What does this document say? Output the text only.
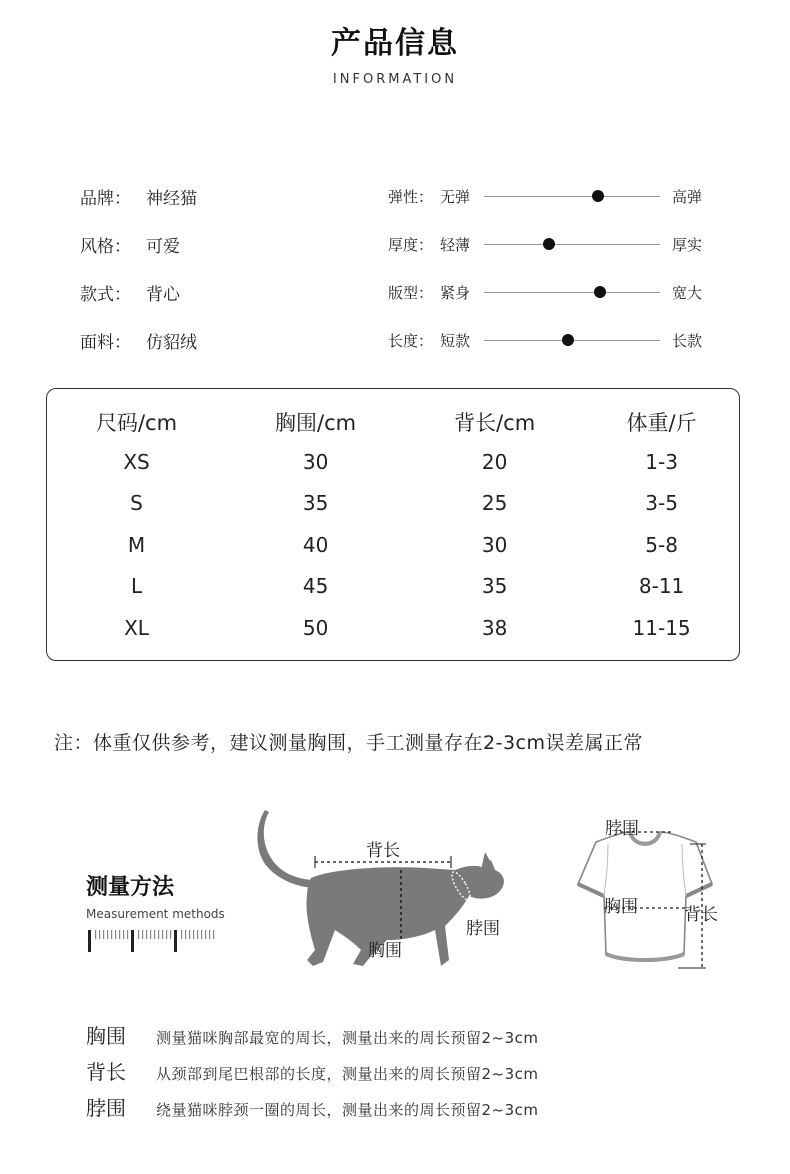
产品信息
INFORMATION
品牌： 神经猫
风格： 可爱
款式： 背心
面料： 仿貂绒
弹性： 无弹	高弹
厚度： 轻薄	厚实
版型： 紧身	宽大
长度： 短款	长款
尺码/cm	胸围/cm	背长/cm	体重/斤
XS	30	20	1-3
S	35	25	3-5
M	40	30	5-8
L	45	35	8-11
XL	50	38	11-15
注：体重仅供参考，建议测量胸围，手工测量存在2-3cm误差属正常
测量方法
Measurement methods
背长
脖围
胸围
脖围
胸围	背长
胸围	测量猫咪胸部最宽的周长，测量出来的周长预留2~3cm
背长	从颈部到尾巴根部的长度，测量出来的周长预留2~3cm
脖围	绕量猫咪脖颈一圈的周长，测量出来的周长预留2~3cm
